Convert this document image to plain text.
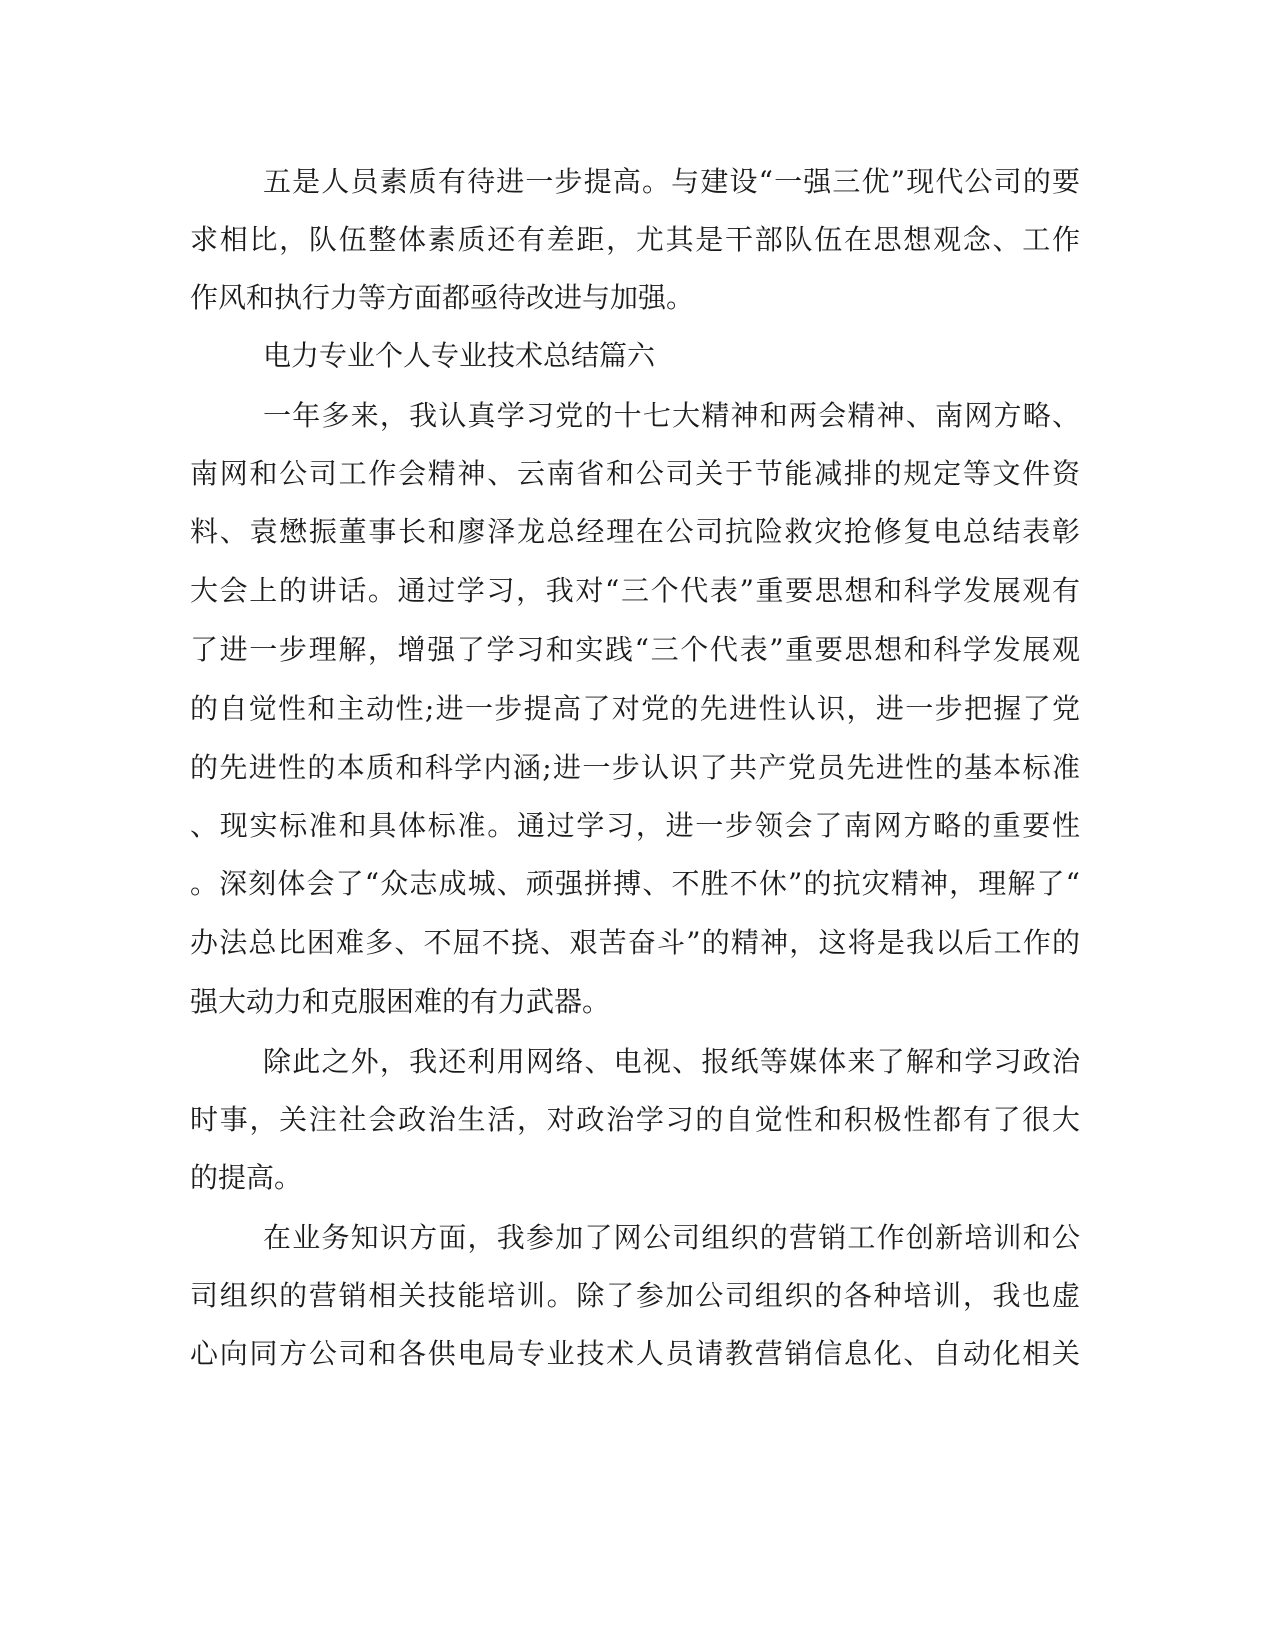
五是人员素质有待进一步提高。与建设“一强三优”现代公司的要

求相比，队伍整体素质还有差距，尤其是干部队伍在思想观念、工作

作风和执行力等方面都亟待改进与加强。

电力专业个人专业技术总结篇六

一年多来，我认真学习党的十七大精神和两会精神、南网方略、

南网和公司工作会精神、云南省和公司关于节能减排的规定等文件资

料、袁懋振董事长和廖泽龙总经理在公司抗险救灾抢修复电总结表彰

大会上的讲话。通过学习，我对“三个代表”重要思想和科学发展观有

了进一步理解，增强了学习和实践“三个代表”重要思想和科学发展观

的自觉性和主动性;进一步提高了对党的先进性认识，进一步把握了党

的先进性的本质和科学内涵;进一步认识了共产党员先进性的基本标准

、现实标准和具体标准。通过学习，进一步领会了南网方略的重要性

。深刻体会了“众志成城、顽强拼搏、不胜不休”的抗灾精神，理解了“

办法总比困难多、不屈不挠、艰苦奋斗”的精神，这将是我以后工作的

强大动力和克服困难的有力武器。

除此之外，我还利用网络、电视、报纸等媒体来了解和学习政治

时事，关注社会政治生活，对政治学习的自觉性和积极性都有了很大

的提高。

在业务知识方面，我参加了网公司组织的营销工作创新培训和公

司组织的营销相关技能培训。除了参加公司组织的各种培训，我也虚

心向同方公司和各供电局专业技术人员请教营销信息化、自动化相关
